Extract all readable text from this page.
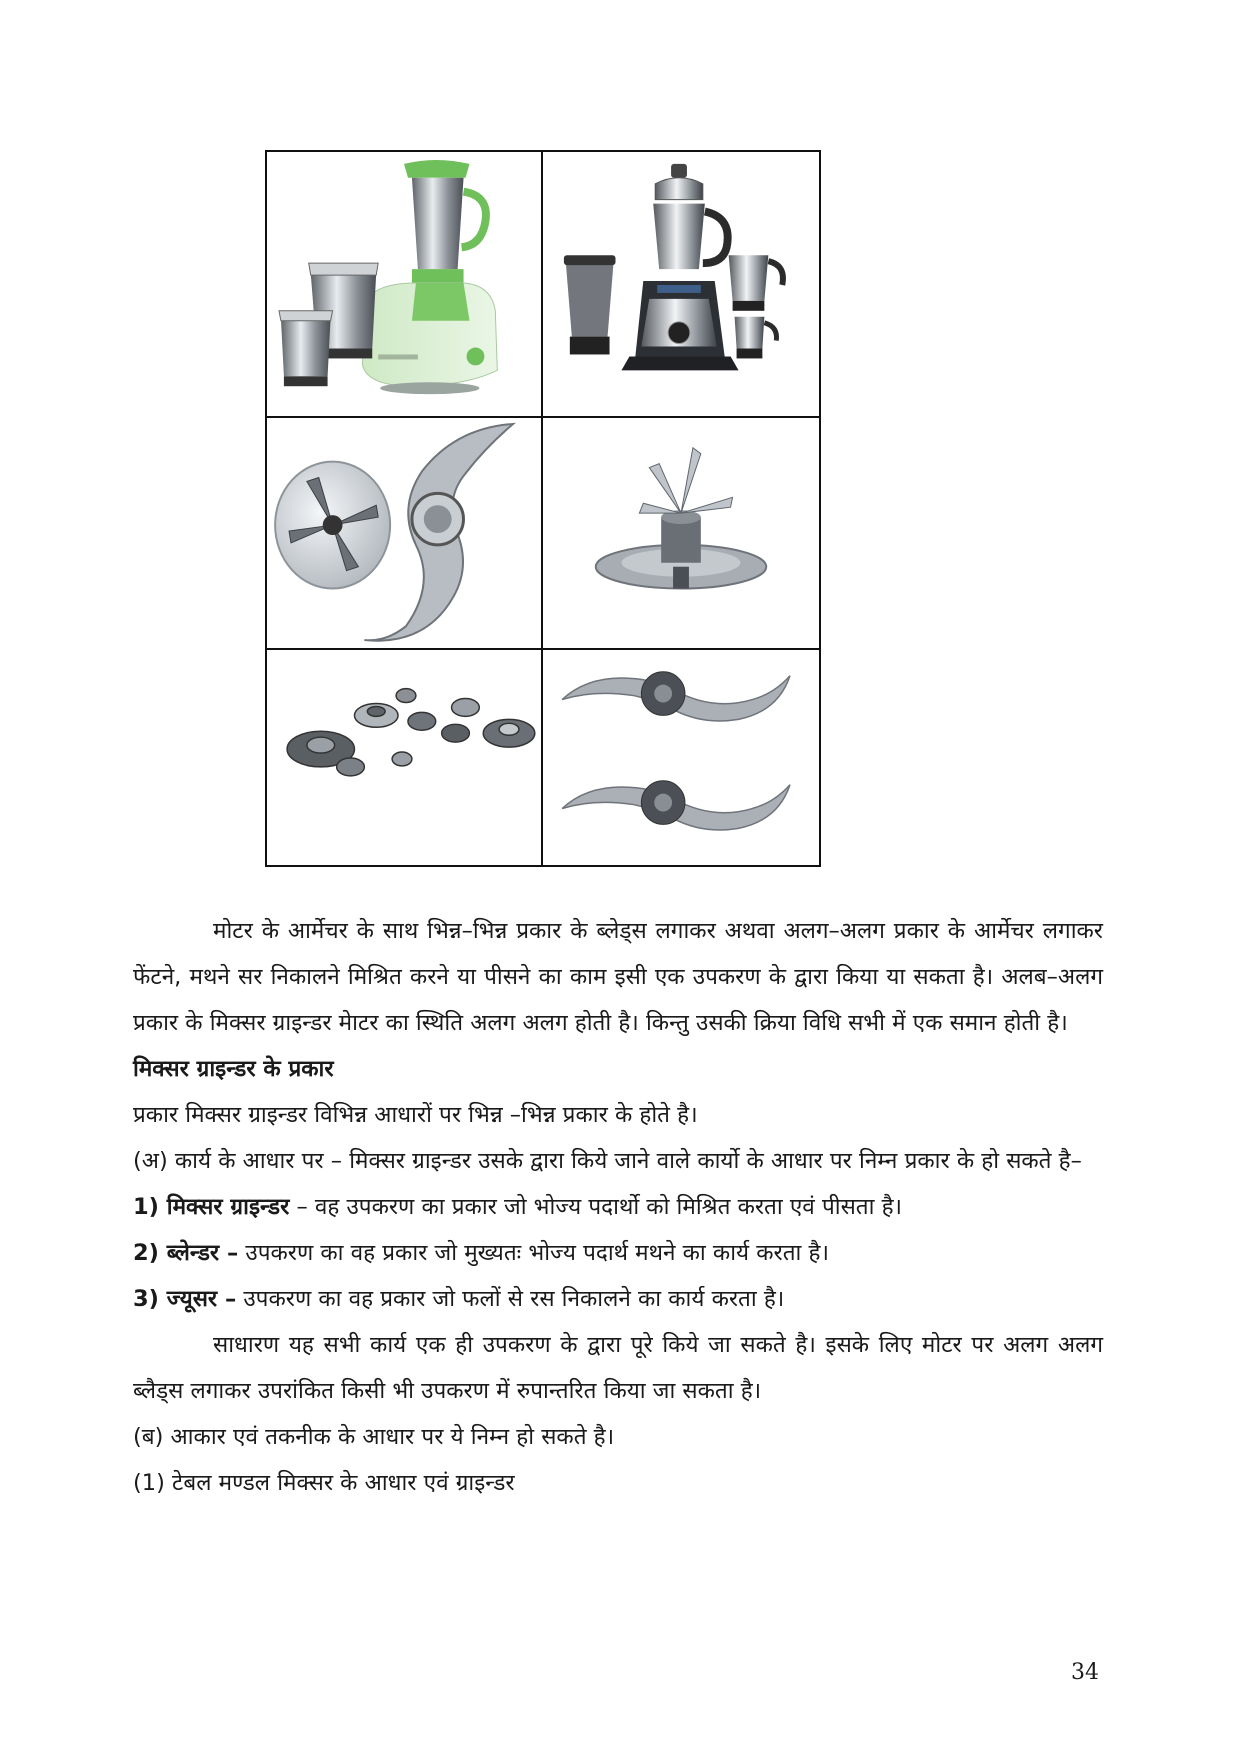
मोटर के आर्मेचर के साथ भिन्न–भिन्न प्रकार के ब्लेड्स लगाकर अथवा अलग–अलग प्रकार के आर्मेचर लगाकर फेंटने, मथने सर निकालने मिश्रित करने या पीसने का काम इसी एक उपकरण के द्वारा किया या सकता है। अलब–अलग प्रकार के मिक्सर ग्राइन्डर मेाटर का स्थिति अलग अलग होती है। किन्तु उसकी क्रिया विधि सभी में एक समान होती है।

मिक्सर ग्राइन्डर के प्रकार

प्रकार मिक्सर ग्राइन्डर विभिन्न आधारों पर भिन्न –भिन्न प्रकार के होते है।

(अ) कार्य के आधार पर – मिक्सर ग्राइन्डर उसके द्वारा किये जाने वाले कार्यो के आधार पर निम्न प्रकार के हो सकते है–

1) मिक्सर ग्राइन्डर – वह उपकरण का प्रकार जो भोज्य पदार्थो को मिश्रित करता एवं पीसता है।

2) ब्लेन्डर – उपकरण का वह प्रकार जो मुख्यतः भोज्य पदार्थ मथने का कार्य करता है।

3) ज्यूसर – उपकरण का वह प्रकार जो फलों से रस निकालने का कार्य करता है।

साधारण यह सभी कार्य एक ही उपकरण के द्वारा पूरे किये जा सकते है। इसके लिए मोटर पर अलग अलग ब्लैड्स लगाकर उपरांकित किसी भी उपकरण में रुपान्तरित किया जा सकता है।

(ब) आकार एवं तकनीक के आधार पर ये निम्न हो सकते है।

(1) टेबल मण्डल मिक्सर के आधार एवं ग्राइन्डर

34
